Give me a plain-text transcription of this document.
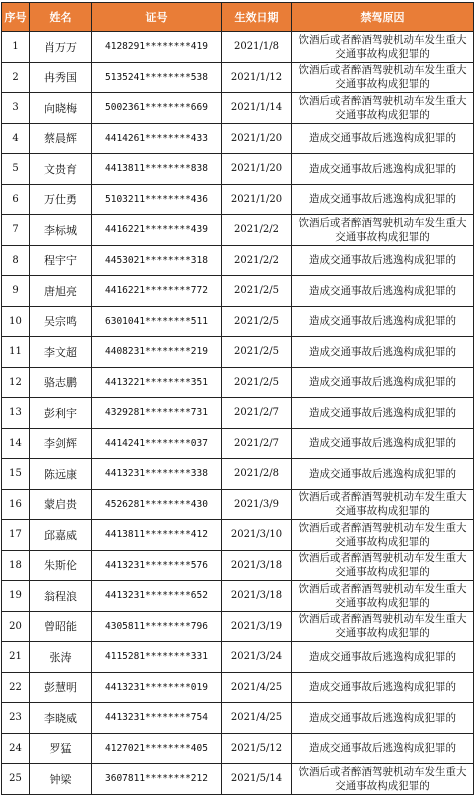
序号	姓名	证号	生效日期	禁驾原因
1	肖万万	4128291********419	2021/1/8	饮酒后或者醉酒驾驶机动车发生重大交通事故构成犯罪的
2	冉秀国	5135241********538	2021/1/12	饮酒后或者醉酒驾驶机动车发生重大交通事故构成犯罪的
3	向晓梅	5002361********669	2021/1/14	饮酒后或者醉酒驾驶机动车发生重大交通事故构成犯罪的
4	蔡晨辉	4414261********433	2021/1/20	造成交通事故后逃逸构成犯罪的
5	文贵育	4413811********838	2021/1/20	造成交通事故后逃逸构成犯罪的
6	万仕勇	5103211********436	2021/1/20	造成交通事故后逃逸构成犯罪的
7	李标城	4416221********439	2021/2/2	饮酒后或者醉酒驾驶机动车发生重大交通事故构成犯罪的
8	程宇宁	4453021********318	2021/2/2	造成交通事故后逃逸构成犯罪的
9	唐旭亮	4416221********772	2021/2/5	造成交通事故后逃逸构成犯罪的
10	吴宗鸣	6301041********511	2021/2/5	造成交通事故后逃逸构成犯罪的
11	李文超	4408231********219	2021/2/5	造成交通事故后逃逸构成犯罪的
12	骆志鹏	4413221********351	2021/2/5	造成交通事故后逃逸构成犯罪的
13	彭利宇	4329281********731	2021/2/7	造成交通事故后逃逸构成犯罪的
14	李剑辉	4414241********037	2021/2/7	造成交通事故后逃逸构成犯罪的
15	陈远康	4413231********338	2021/2/8	造成交通事故后逃逸构成犯罪的
16	蒙启贵	4526281********430	2021/3/9	饮酒后或者醉酒驾驶机动车发生重大交通事故构成犯罪的
17	邱嘉威	4413811********412	2021/3/10	饮酒后或者醉酒驾驶机动车发生重大交通事故构成犯罪的
18	朱斯伦	4413231********576	2021/3/18	饮酒后或者醉酒驾驶机动车发生重大交通事故构成犯罪的
19	翁程浪	4413231********652	2021/3/18	饮酒后或者醉酒驾驶机动车发生重大交通事故构成犯罪的
20	曾昭能	4305811********796	2021/3/19	饮酒后或者醉酒驾驶机动车发生重大交通事故构成犯罪的
21	张涛	4115281********331	2021/3/24	造成交通事故后逃逸构成犯罪的
22	彭慧明	4413231********019	2021/4/25	造成交通事故后逃逸构成犯罪的
23	李晓威	4413231********754	2021/4/25	造成交通事故后逃逸构成犯罪的
24	罗猛	4127021********405	2021/5/12	造成交通事故后逃逸构成犯罪的
25	钟梁	3607811********212	2021/5/14	饮酒后或者醉酒驾驶机动车发生重大交通事故构成犯罪的
